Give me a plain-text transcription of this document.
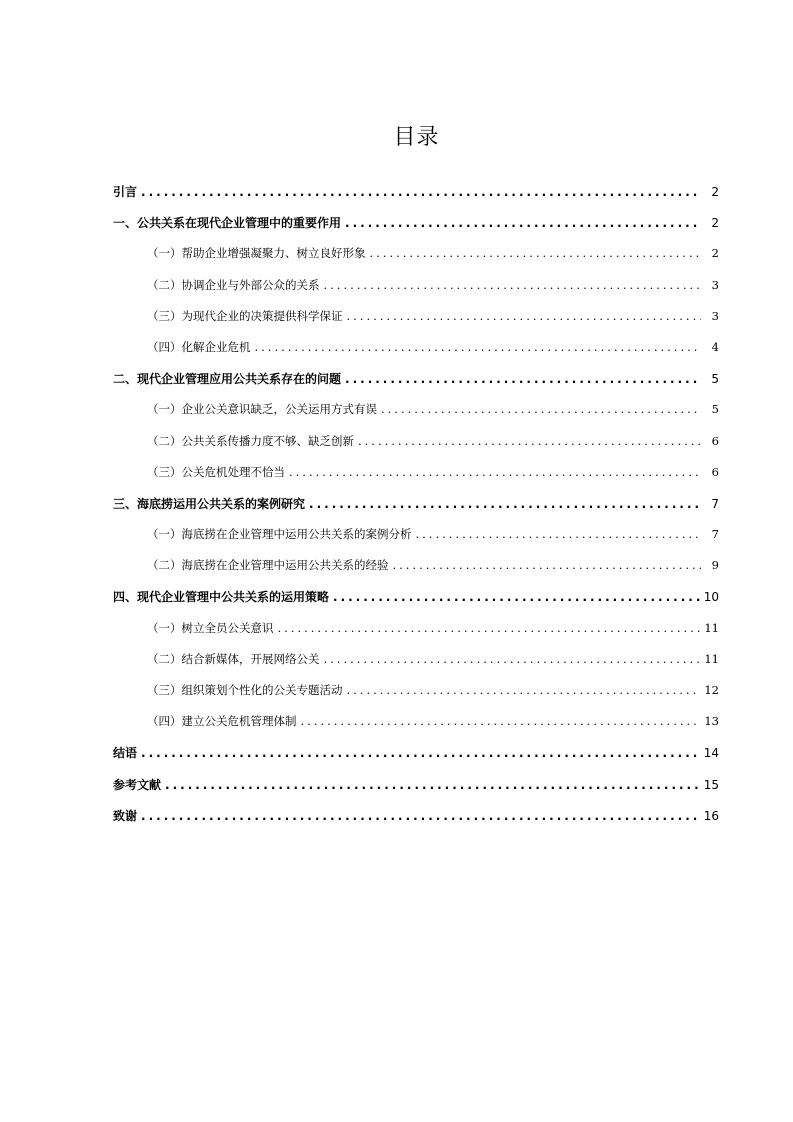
目录
引言 .....	2
一、公共关系在现代企业管理中的重要作用 .....	2
（一）帮助企业增强凝聚力、树立良好形象 .....	2
（二）协调企业与外部公众的关系 .....	3
（三）为现代企业的决策提供科学保证 .....	3
（四）化解企业危机 .....	4
二、现代企业管理应用公共关系存在的问题 .....	5
（一）企业公关意识缺乏，公关运用方式有误 .....	5
（二）公共关系传播力度不够、缺乏创新 .....	6
（三）公关危机处理不恰当 .....	6
三、海底捞运用公共关系的案例研究 .....	7
（一）海底捞在企业管理中运用公共关系的案例分析 .....	7
（二）海底捞在企业管理中运用公共关系的经验 .....	9
四、现代企业管理中公共关系的运用策略 .....	10
（一）树立全员公关意识 .....	11
（二）结合新媒体，开展网络公关 .....	11
（三）组织策划个性化的公关专题活动 .....	12
（四）建立公关危机管理体制 .....	13
结语 .....	14
参考文献 .....	15
致谢 .....	16
